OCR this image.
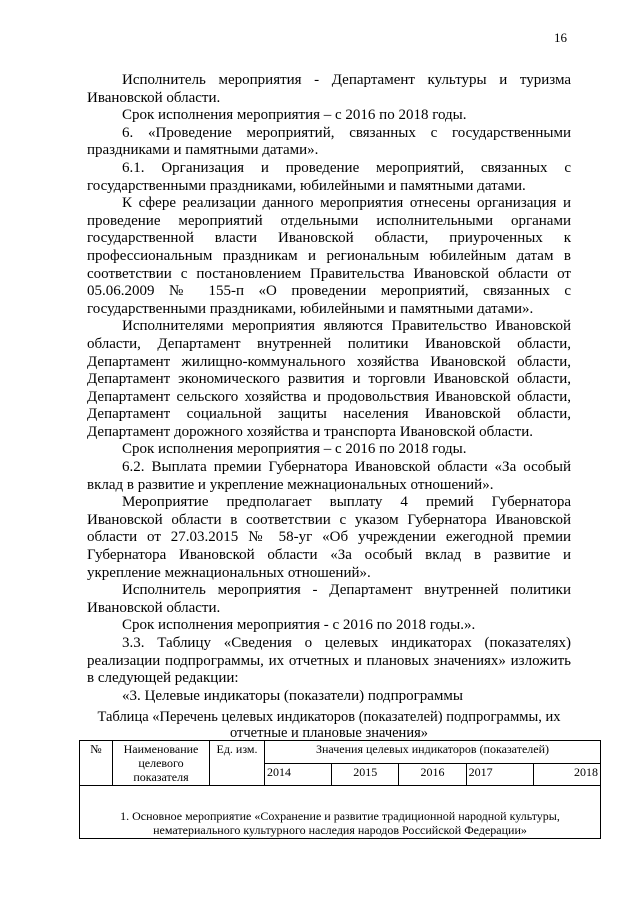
16

Исполнитель мероприятия - Департамент культуры и туризма Ивановской области.

Срок исполнения мероприятия – с 2016 по 2018 годы.

6. «Проведение мероприятий, связанных с государственными праздниками и памятными датами».

6.1. Организация и проведение мероприятий, связанных с государственными праздниками, юбилейными и памятными датами.

К сфере реализации данного мероприятия отнесены организация и проведение мероприятий отдельными исполнительными органами государственной власти Ивановской области, приуроченных к профессиональным праздникам и региональным юбилейным датам в соответствии с постановлением Правительства Ивановской области от 05.06.2009 № 155-п «О проведении мероприятий, связанных с государственными праздниками, юбилейными и памятными датами».

Исполнителями мероприятия являются Правительство Ивановской области, Департамент внутренней политики Ивановской области, Департамент жилищно-коммунального хозяйства Ивановской области, Департамент экономического развития и торговли Ивановской области, Департамент сельского хозяйства и продовольствия Ивановской области, Департамент социальной защиты населения Ивановской области, Департамент дорожного хозяйства и транспорта Ивановской области.

Срок исполнения мероприятия – с 2016 по 2018 годы.

6.2. Выплата премии Губернатора Ивановской области «За особый вклад в развитие и укрепление межнациональных отношений».

Мероприятие предполагает выплату 4 премий Губернатора Ивановской области в соответствии с указом Губернатора Ивановской области от 27.03.2015 № 58-уг «Об учреждении ежегодной премии Губернатора Ивановской области «За особый вклад в развитие и укрепление межнациональных отношений».

Исполнитель мероприятия - Департамент внутренней политики Ивановской области.

Срок исполнения мероприятия - с 2016 по 2018 годы.».

3.3. Таблицу «Сведения о целевых индикаторах (показателях) реализации подпрограммы, их отчетных и плановых значениях» изложить в следующей редакции:

«3. Целевые индикаторы (показатели) подпрограммы

Таблица «Перечень целевых индикаторов (показателей) подпрограммы, их отчетные и плановые значения»
№	Наименование целевого показателя	Ед. изм.	Значения целевых индикаторов (показателей)				
			2014	2015	2016	2017	2018

1. Основное мероприятие «Сохранение и развитие традиционной народной культуры, нематериального культурного наследия народов Российской Федерации»							
